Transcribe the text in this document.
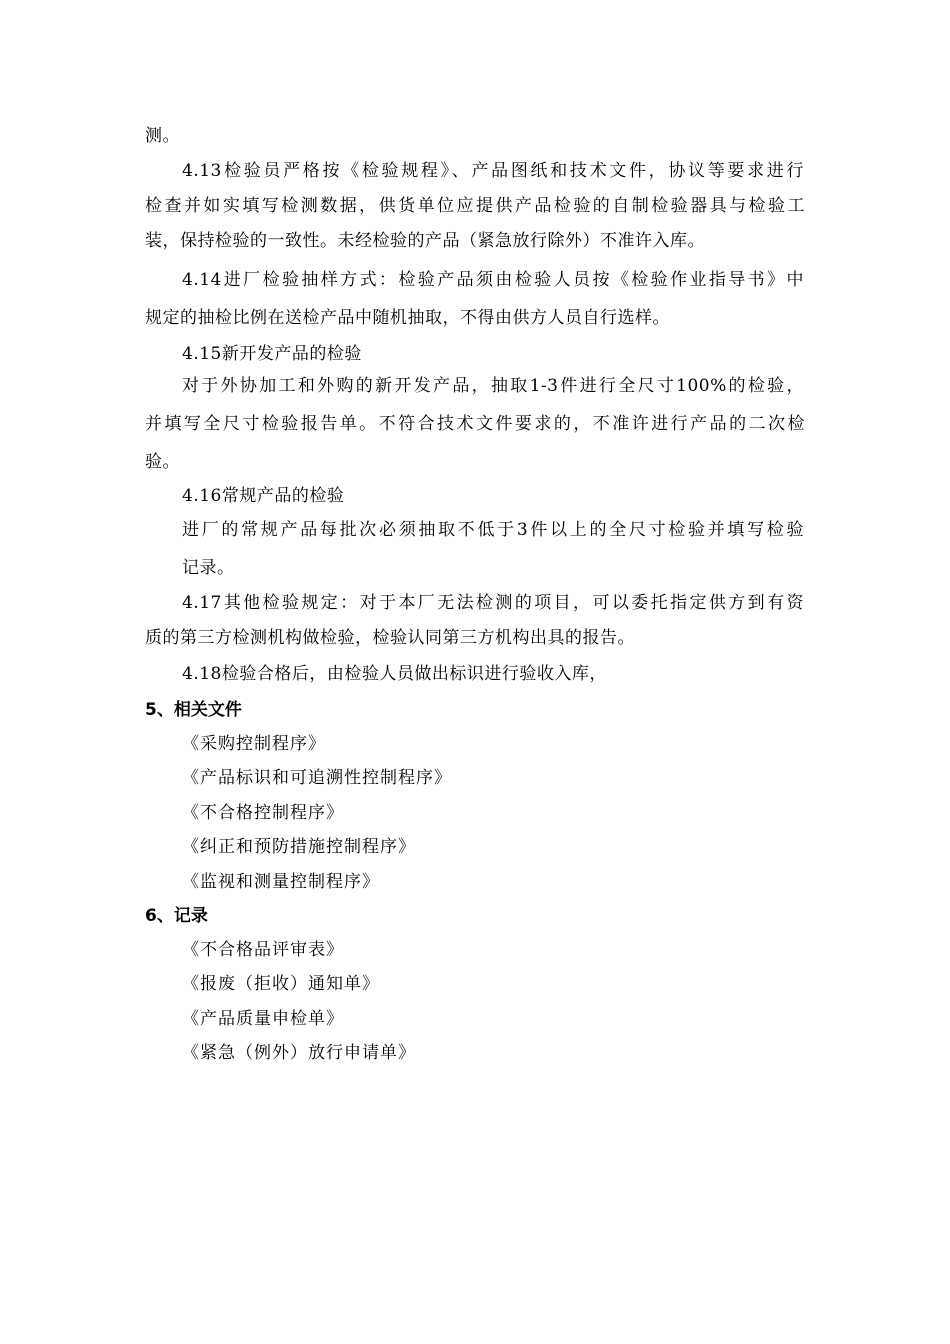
测。
4.13检验员严格按《检验规程》、产品图纸和技术文件，协议等要求进行
检查并如实填写检测数据，供货单位应提供产品检验的自制检验器具与检验工
装，保持检验的一致性。未经检验的产品（紧急放行除外）不准许入库。
4.14进厂检验抽样方式：检验产品须由检验人员按《检验作业指导书》中
规定的抽检比例在送检产品中随机抽取，不得由供方人员自行选样。
4.15新开发产品的检验
对于外协加工和外购的新开发产品，抽取1-3件进行全尺寸100%的检验，
并填写全尺寸检验报告单。不符合技术文件要求的，不准许进行产品的二次检
验。
4.16常规产品的检验
进厂的常规产品每批次必须抽取不低于3件以上的全尺寸检验并填写检验
记录。
4.17其他检验规定：对于本厂无法检测的项目，可以委托指定供方到有资
质的第三方检测机构做检验，检验认同第三方机构出具的报告。
4.18检验合格后，由检验人员做出标识进行验收入库，
5、相关文件
《采购控制程序》
《产品标识和可追溯性控制程序》
《不合格控制程序》
《纠正和预防措施控制程序》
《监视和测量控制程序》
6、记录
《不合格品评审表》
《报废（拒收）通知单》
《产品质量申检单》
《紧急（例外）放行申请单》
